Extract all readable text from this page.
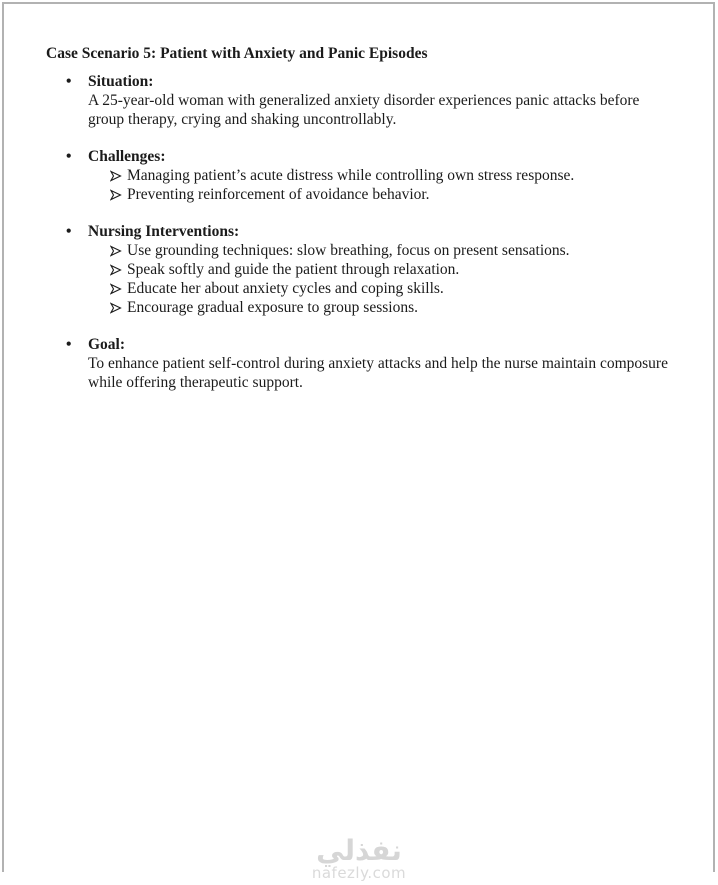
Case Scenario 5: Patient with Anxiety and Panic Episodes
•	Situation:
A 25-year-old woman with generalized anxiety disorder experiences panic attacks before group therapy, crying and shaking uncontrollably.
•	Challenges:
Managing patient’s acute distress while controlling own stress response.
Preventing reinforcement of avoidance behavior.
•	Nursing Interventions:
Use grounding techniques: slow breathing, focus on present sensations.
Speak softly and guide the patient through relaxation.
Educate her about anxiety cycles and coping skills.
Encourage gradual exposure to group sessions.
•	Goal:
To enhance patient self-control during anxiety attacks and help the nurse maintain composure while offering therapeutic support.
نفذلي
nafezly.com
